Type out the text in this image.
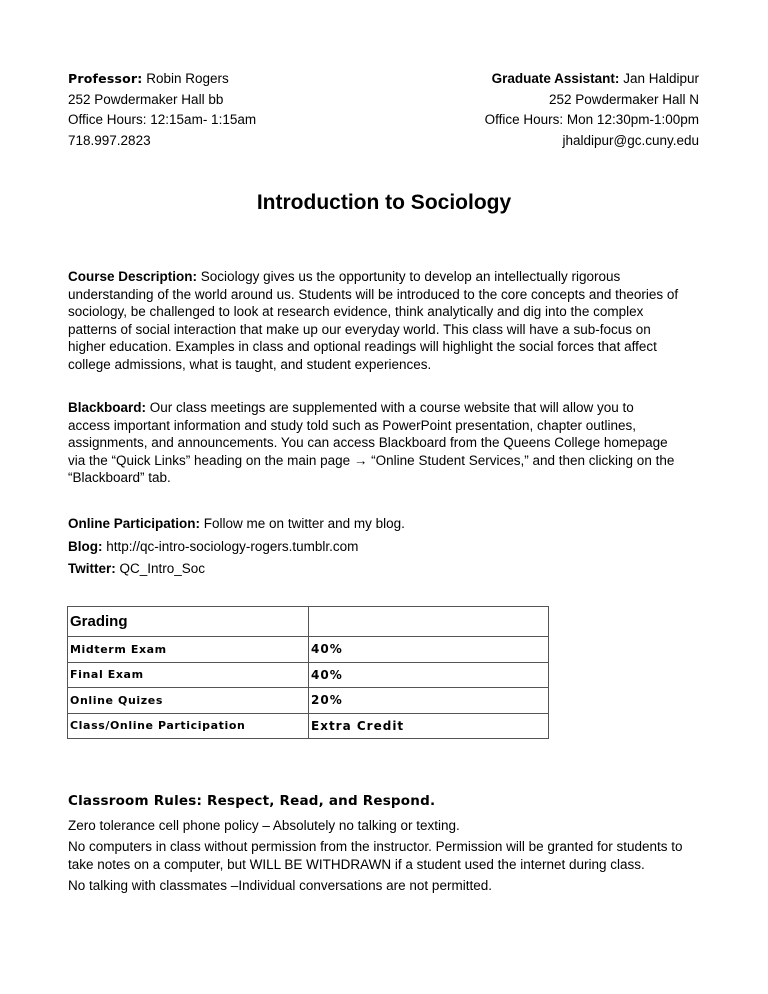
Professor: Robin Rogers
252 Powdermaker Hall bb
Office Hours: 12:15am- 1:15am
718.997.2823
Graduate Assistant: Jan Haldipur
252 Powdermaker Hall N
Office Hours: Mon 12:30pm-1:00pm
jhaldipur@gc.cuny.edu
Introduction to Sociology
Course Description: Sociology gives us the opportunity to develop an intellectually rigorous
understanding of the world around us. Students will be introduced to the core concepts and theories of
sociology, be challenged to look at research evidence, think analytically and dig into the complex
patterns of social interaction that make up our everyday world. This class will have a sub-focus on
higher education. Examples in class and optional readings will highlight the social forces that affect
college admissions, what is taught, and student experiences.
Blackboard: Our class meetings are supplemented with a course website that will allow you to
access important information and study told such as PowerPoint presentation, chapter outlines,
assignments, and announcements. You can access Blackboard from the Queens College homepage
via the “Quick Links” heading on the main page → “Online Student Services,” and then clicking on the
“Blackboard” tab.
Online Participation: Follow me on twitter and my blog.
Blog: http://qc-intro-sociology-rogers.tumblr.com
Twitter: QC_Intro_Soc
Grading	
Midterm Exam	40%
Final Exam	40%
Online Quizes	20%
Class/Online Participation	Extra Credit
Classroom Rules: Respect, Read, and Respond.
Zero tolerance cell phone policy – Absolutely no talking or texting.
No computers in class without permission from the instructor. Permission will be granted for students to
take notes on a computer, but WILL BE WITHDRAWN if a student used the internet during class.
No talking with classmates –Individual conversations are not permitted.
